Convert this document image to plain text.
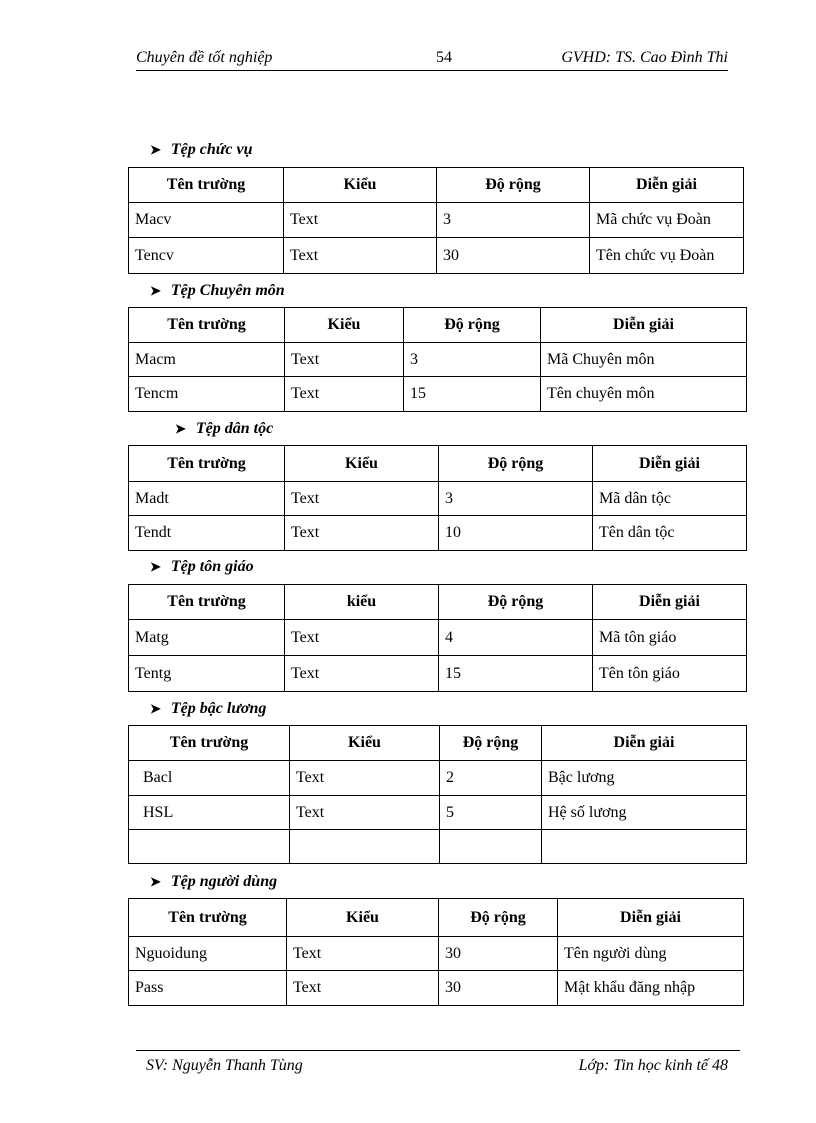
Chuyên đề tốt nghiệp	54	GVHD: TS. Cao Đình Thi
➤ Tệp chức vụ
Tên trường	Kiểu	Độ rộng	Diễn giải
Macv	Text	3	Mã chức vụ Đoàn
Tencv	Text	30	Tên chức vụ Đoàn
➤ Tệp Chuyên môn
Tên trường	Kiểu	Độ rộng	Diễn giải
Macm	Text	3	Mã Chuyên môn
Tencm	Text	15	Tên chuyên môn
➤ Tệp dân tộc
Tên trường	Kiểu	Độ rộng	Diễn giải
Madt	Text	3	Mã dân tộc
Tendt	Text	10	Tên dân tộc
➤ Tệp tôn giáo
Tên trường	kiểu	Độ rộng	Diễn giải
Matg	Text	4	Mã tôn giáo
Tentg	Text	15	Tên tôn giáo
➤ Tệp bậc lương
Tên trường	Kiểu	Độ rộng	Diễn giải
Bacl	Text	2	Bậc lương
HSL	Text	5	Hệ số lương

➤ Tệp người dùng
Tên trường	Kiểu	Độ rộng	Diễn giải
Nguoidung	Text	30	Tên người dùng
Pass	Text	30	Mật khẩu đăng nhập
SV: Nguyễn Thanh Tùng	Lớp: Tin học kinh tế 48
